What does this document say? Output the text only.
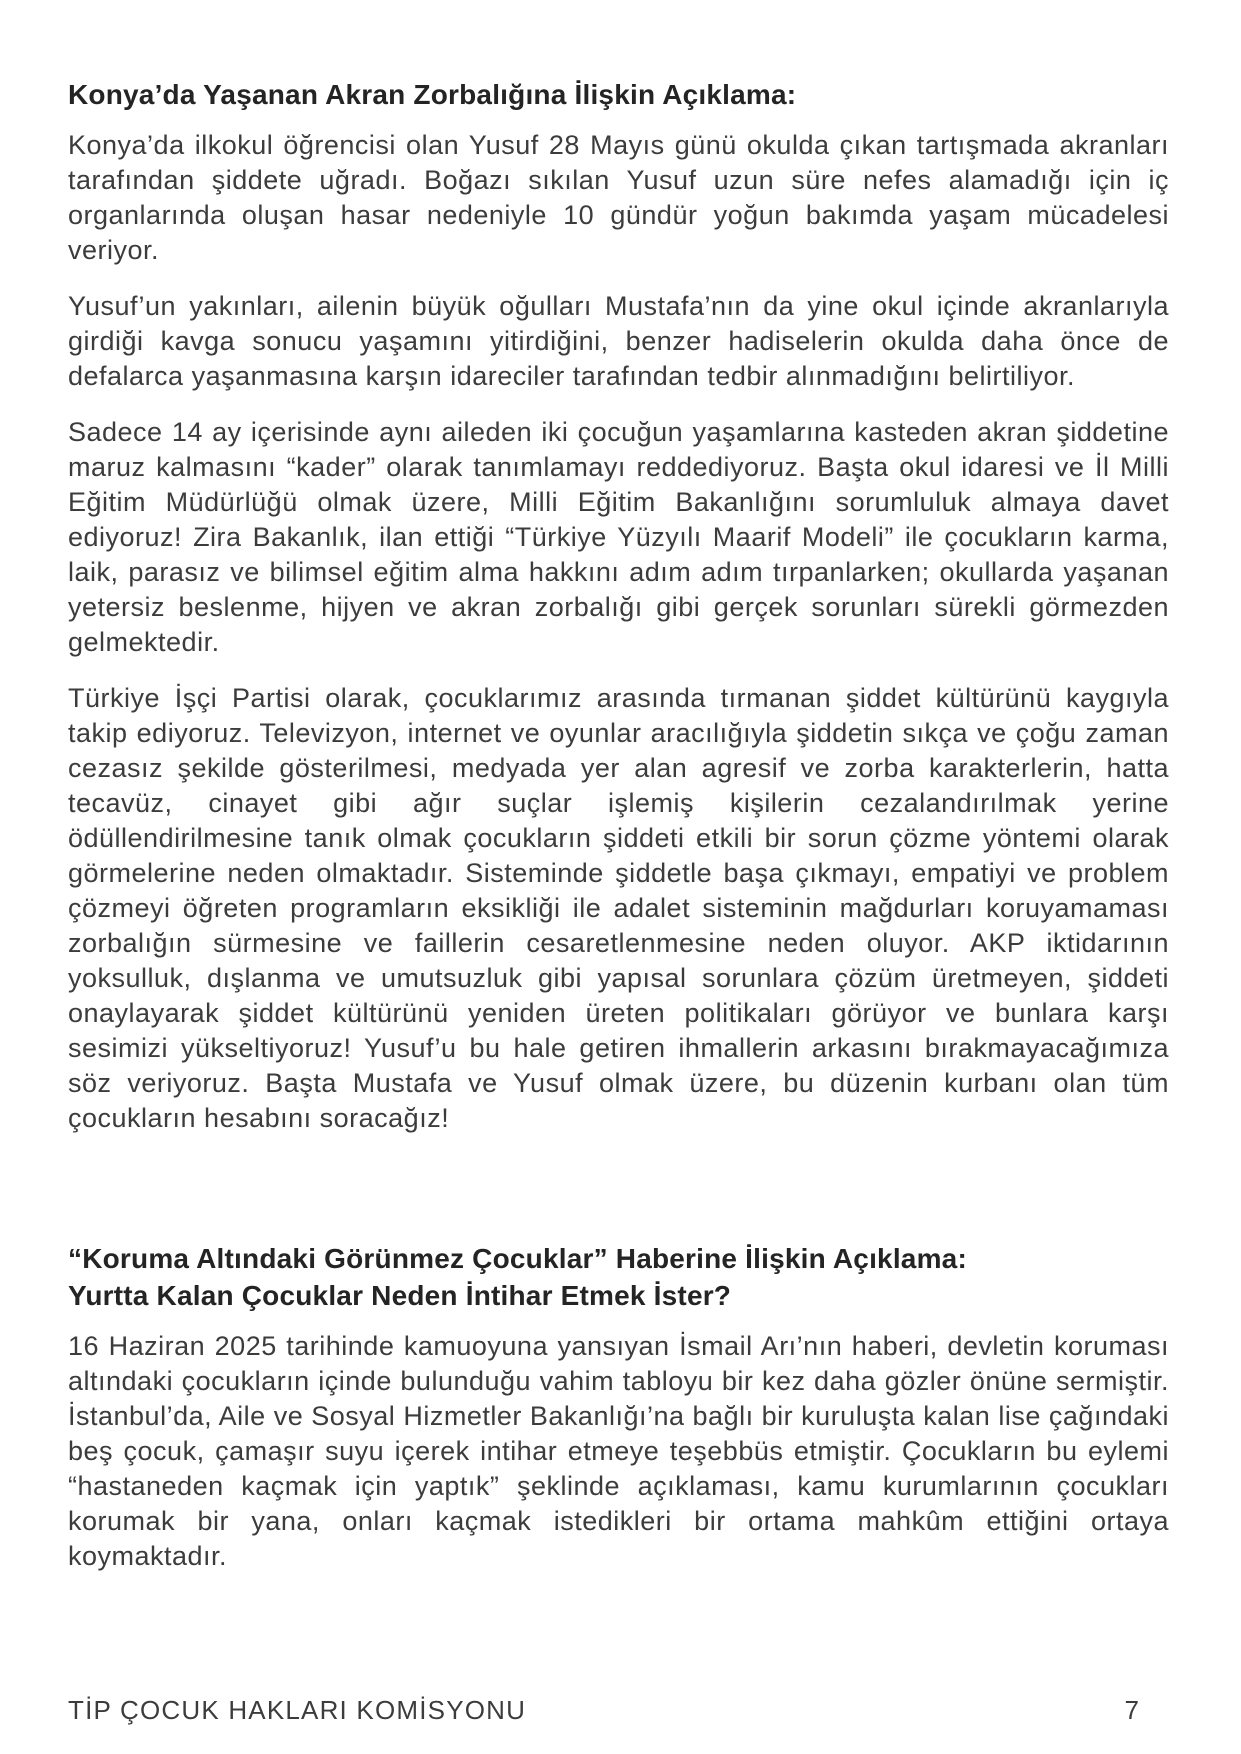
Konya’da Yaşanan Akran Zorbalığına İlişkin Açıklama:

Konya’da ilkokul öğrencisi olan Yusuf 28 Mayıs günü okulda çıkan tartışmada akranları tarafından şiddete uğradı. Boğazı sıkılan Yusuf uzun süre nefes alamadığı için iç organlarında oluşan hasar nedeniyle 10 gündür yoğun bakımda yaşam mücadelesi veriyor.

Yusuf’un yakınları, ailenin büyük oğulları Mustafa’nın da yine okul içinde akranlarıyla girdiği kavga sonucu yaşamını yitirdiğini, benzer hadiselerin okulda daha önce de defalarca yaşanmasına karşın idareciler tarafından tedbir alınmadığını belirtiliyor.

Sadece 14 ay içerisinde aynı aileden iki çocuğun yaşamlarına kasteden akran şiddetine maruz kalmasını “kader” olarak tanımlamayı reddediyoruz. Başta okul idaresi ve İl Milli Eğitim Müdürlüğü olmak üzere, Milli Eğitim Bakanlığını sorumluluk almaya davet ediyoruz! Zira Bakanlık, ilan ettiği “Türkiye Yüzyılı Maarif Modeli” ile çocukların karma, laik, parasız ve bilimsel eğitim alma hakkını adım adım tırpanlarken; okullarda yaşanan yetersiz beslenme, hijyen ve akran zorbalığı gibi gerçek sorunları sürekli görmezden gelmektedir.

Türkiye İşçi Partisi olarak, çocuklarımız arasında tırmanan şiddet kültürünü kaygıyla takip ediyoruz. Televizyon, internet ve oyunlar aracılığıyla şiddetin sıkça ve çoğu zaman cezasız şekilde gösterilmesi, medyada yer alan agresif ve zorba karakterlerin, hatta tecavüz, cinayet gibi ağır suçlar işlemiş kişilerin cezalandırılmak yerine ödüllendirilmesine tanık olmak çocukların şiddeti etkili bir sorun çözme yöntemi olarak görmelerine neden olmaktadır. Sisteminde şiddetle başa çıkmayı, empatiyi ve problem çözmeyi öğreten programların eksikliği ile adalet sisteminin mağdurları koruyamaması zorbalığın sürmesine ve faillerin cesaretlenmesine neden oluyor. AKP iktidarının yoksulluk, dışlanma ve umutsuzluk gibi yapısal sorunlara çözüm üretmeyen, şiddeti onaylayarak şiddet kültürünü yeniden üreten politikaları görüyor ve bunlara karşı sesimizi yükseltiyoruz! Yusuf’u bu hale getiren ihmallerin arkasını bırakmayacağımıza söz veriyoruz. Başta Mustafa ve Yusuf olmak üzere, bu düzenin kurbanı olan tüm çocukların hesabını soracağız!

“Koruma Altındaki Görünmez Çocuklar” Haberine İlişkin Açıklama:
Yurtta Kalan Çocuklar Neden İntihar Etmek İster?

16 Haziran 2025 tarihinde kamuoyuna yansıyan İsmail Arı’nın haberi, devletin koruması altındaki çocukların içinde bulunduğu vahim tabloyu bir kez daha gözler önüne sermiştir. İstanbul’da, Aile ve Sosyal Hizmetler Bakanlığı’na bağlı bir kuruluşta kalan lise çağındaki beş çocuk, çamaşır suyu içerek intihar etmeye teşebbüs etmiştir. Çocukların bu eylemi “hastaneden kaçmak için yaptık” şeklinde açıklaması, kamu kurumlarının çocukları korumak bir yana, onları kaçmak istedikleri bir ortama mahkûm ettiğini ortaya koymaktadır.

TİP ÇOCUK HAKLARI KOMİSYONU	7
